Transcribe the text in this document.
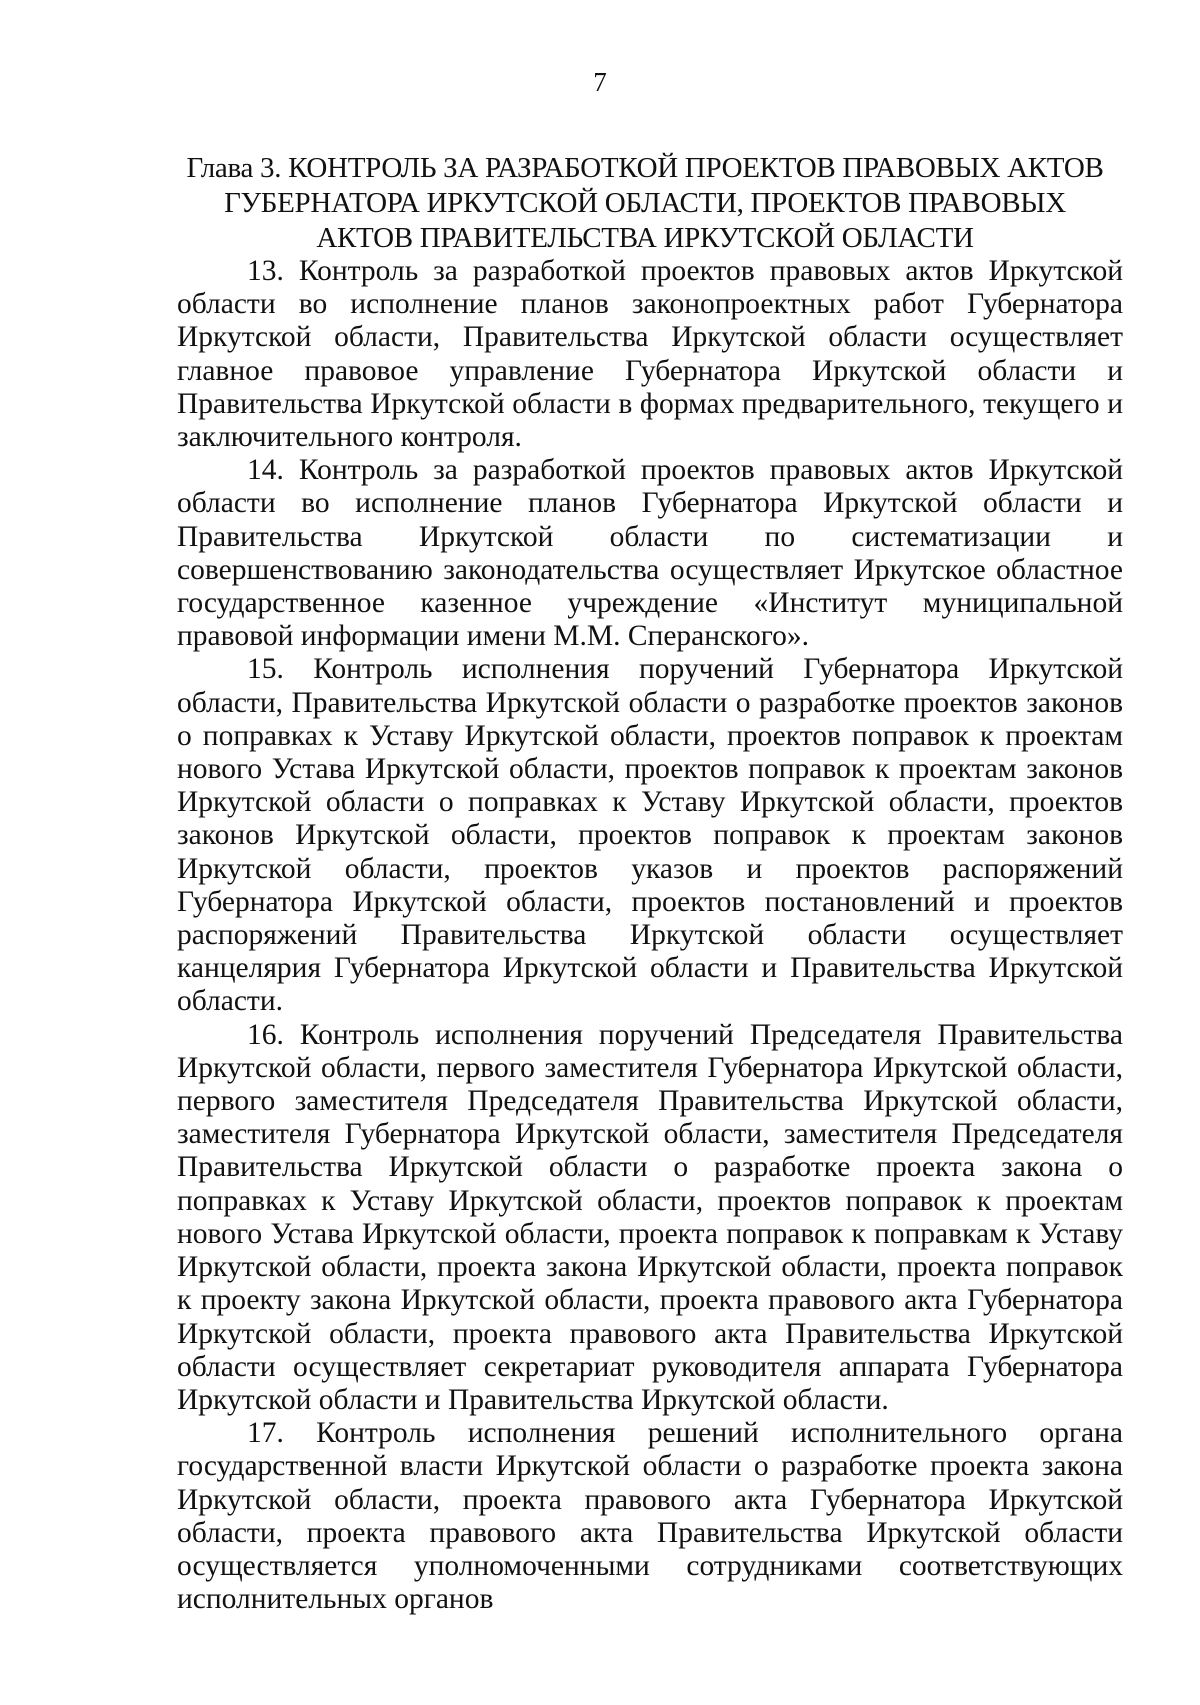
7
Глава 3. КОНТРОЛЬ ЗА РАЗРАБОТКОЙ ПРОЕКТОВ ПРАВОВЫХ АКТОВ
ГУБЕРНАТОРА ИРКУТСКОЙ ОБЛАСТИ, ПРОЕКТОВ ПРАВОВЫХ
АКТОВ ПРАВИТЕЛЬСТВА ИРКУТСКОЙ ОБЛАСТИ

13. Контроль за разработкой проектов правовых актов Иркутской области во исполнение планов законопроектных работ Губернатора Иркутской области, Правительства Иркутской области осуществляет главное правовое управление Губернатора Иркутской области и Правительства Иркутской области в формах предварительного, текущего и заключительного контроля.

14. Контроль за разработкой проектов правовых актов Иркутской области во исполнение планов Губернатора Иркутской области и Правительства Иркутской области по систематизации и совершенствованию законодательства осуществляет Иркутское областное государственное казенное учреждение «Институт муниципальной правовой информации имени М.М. Сперанского».

15. Контроль исполнения поручений Губернатора Иркутской области, Правительства Иркутской области о разработке проектов законов о поправках к Уставу Иркутской области, проектов поправок к проектам нового Устава Иркутской области, проектов поправок к проектам законов Иркутской области о поправках к Уставу Иркутской области, проектов законов Иркутской области, проектов поправок к проектам законов Иркутской области, проектов указов и проектов распоряжений Губернатора Иркутской области, проектов постановлений и проектов распоряжений Правительства Иркутской области осуществляет канцелярия Губернатора Иркутской области и Правительства Иркутской области.

16. Контроль исполнения поручений Председателя Правительства Иркутской области, первого заместителя Губернатора Иркутской области, первого заместителя Председателя Правительства Иркутской области, заместителя Губернатора Иркутской области, заместителя Председателя Правительства Иркутской области о разработке проекта закона о поправках к Уставу Иркутской области, проектов поправок к проектам нового Устава Иркутской области, проекта поправок к поправкам к Уставу Иркутской области, проекта закона Иркутской области, проекта поправок к проекту закона Иркутской области, проекта правового акта Губернатора Иркутской области, проекта правового акта Правительства Иркутской области осуществляет секретариат руководителя аппарата Губернатора Иркутской области и Правительства Иркутской области.

17. Контроль исполнения решений исполнительного органа государственной власти Иркутской области о разработке проекта закона Иркутской области, проекта правового акта Губернатора Иркутской области, проекта правового акта Правительства Иркутской области осуществляется уполномоченными сотрудниками соответствующих исполнительных органов
